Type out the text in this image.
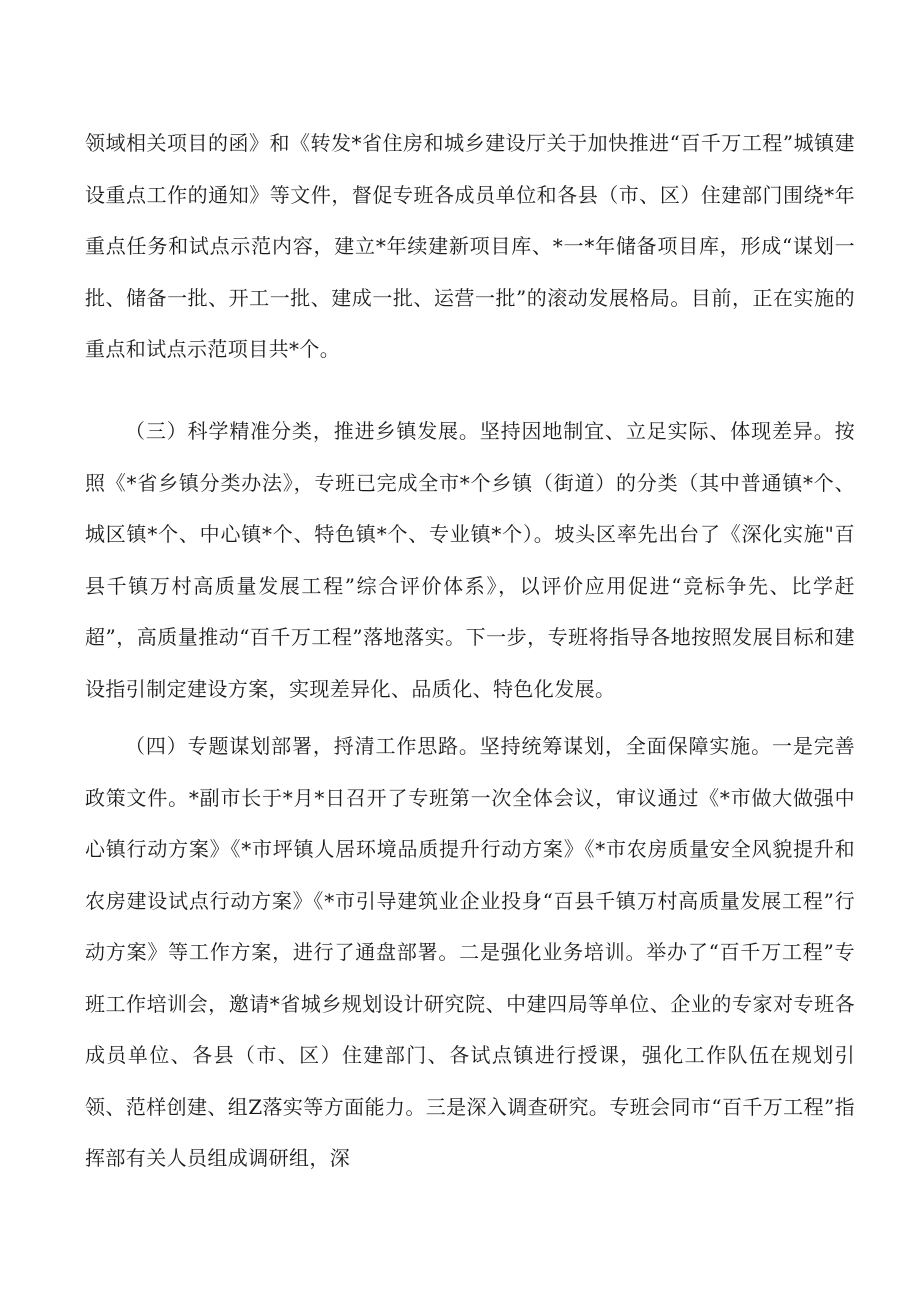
领域相关项目的函》和《转发*省住房和城乡建设厅关于加快推进“百千万工程”城镇建设重点工作的通知》等文件，督促专班各成员单位和各县（市、区）住建部门围绕*年重点任务和试点示范内容，建立*年续建新项目库、*一*年储备项目库，形成“谋划一批、储备一批、开工一批、建成一批、运营一批”的滚动发展格局。目前，正在实施的重点和试点示范项目共*个。

（三）科学精准分类，推进乡镇发展。坚持因地制宜、立足实际、体现差异。按照《*省乡镇分类办法》，专班已完成全市*个乡镇（街道）的分类（其中普通镇*个、城区镇*个、中心镇*个、特色镇*个、专业镇*个）。坡头区率先出台了《深化实施"百县千镇万村高质量发展工程”综合评价体系》，以评价应用促进“竞标争先、比学赶超”，高质量推动“百千万工程”落地落实。下一步，专班将指导各地按照发展目标和建设指引制定建设方案，实现差异化、品质化、特色化发展。

（四）专题谋划部署，捋清工作思路。坚持统筹谋划，全面保障实施。一是完善政策文件。*副市长于*月*日召开了专班第一次全体会议，审议通过《*市做大做强中心镇行动方案》《*市坪镇人居环境品质提升行动方案》《*市农房质量安全风貌提升和农房建设试点行动方案》《*市引导建筑业企业投身“百县千镇万村高质量发展工程”行动方案》等工作方案，进行了通盘部署。二是强化业务培训。举办了“百千万工程”专班工作培训会，邀请*省城乡规划设计研究院、中建四局等单位、企业的专家对专班各成员单位、各县（市、区）住建部门、各试点镇进行授课，强化工作队伍在规划引领、范样创建、组Z落实等方面能力。三是深入调查研究。专班会同市“百千万工程”指挥部有关人员组成调研组，深
